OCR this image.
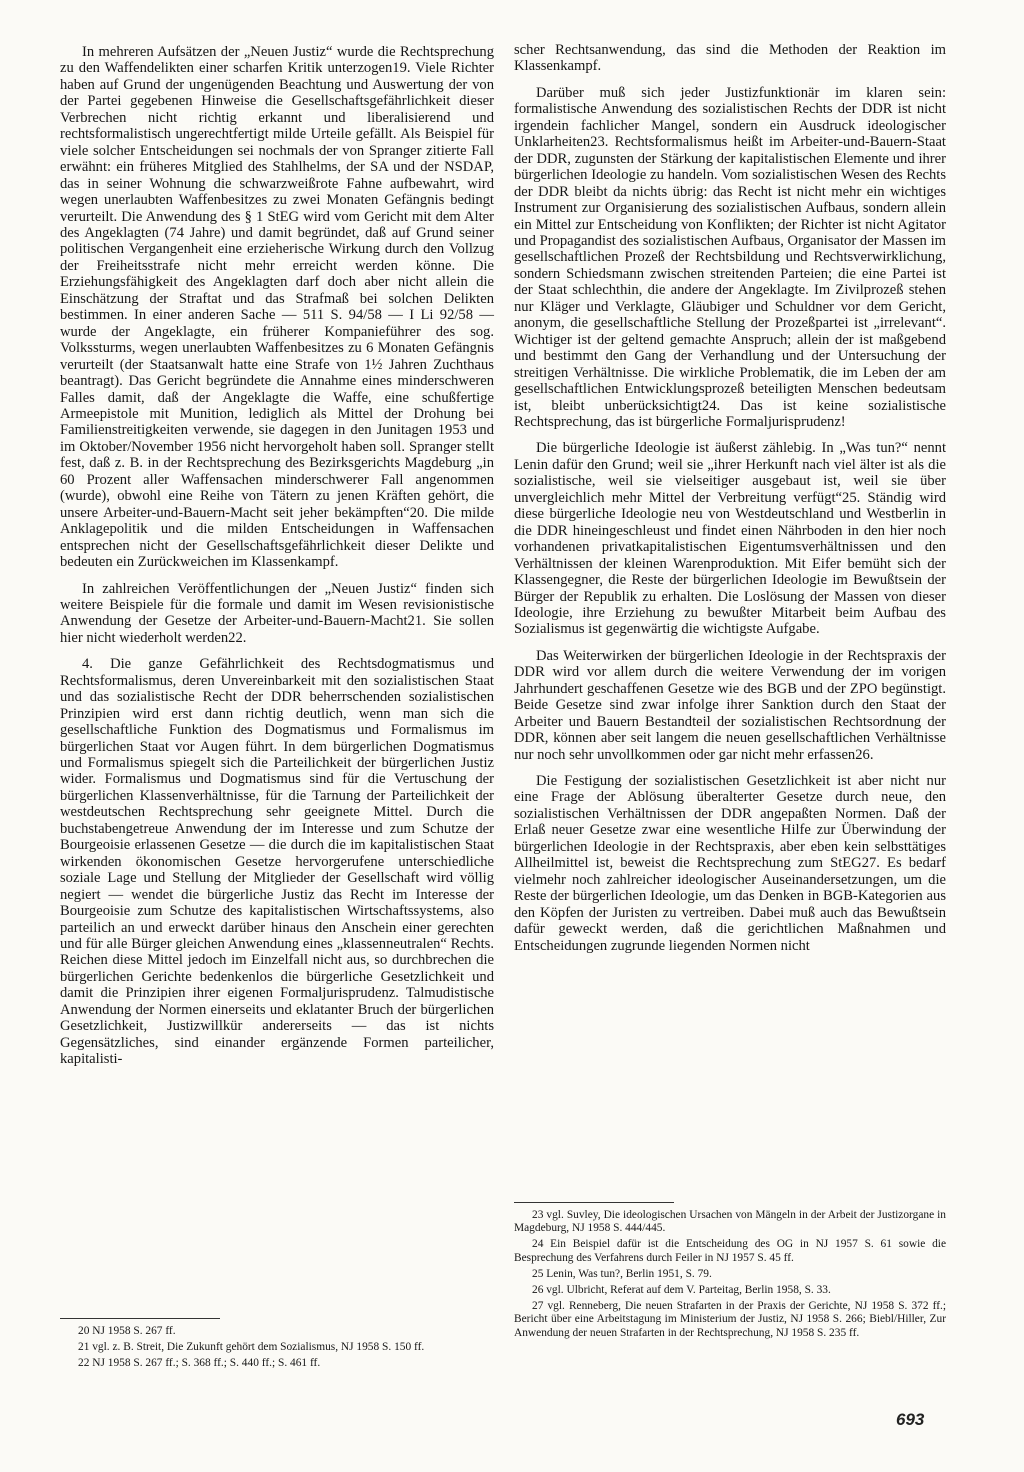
In mehreren Aufsätzen der „Neuen Justiz“ wurde die Rechtsprechung zu den Waffendelikten einer scharfen Kritik unterzogen19. Viele Richter haben auf Grund der ungenügenden Beachtung und Auswertung der von der Partei gegebenen Hinweise die Gesellschaftsgefährlichkeit dieser Verbrechen nicht richtig erkannt und liberalisierend und rechtsformalistisch ungerechtfertigt milde Urteile gefällt. Als Beispiel für viele solcher Entscheidungen sei nochmals der von Spranger zitierte Fall erwähnt: ein früheres Mitglied des Stahlhelms, der SA und der NSDAP, das in seiner Wohnung die schwarzweißrote Fahne aufbewahrt, wird wegen unerlaubten Waffenbesitzes zu zwei Monaten Gefängnis bedingt verurteilt. Die Anwendung des § 1 StEG wird vom Gericht mit dem Alter des Angeklagten (74 Jahre) und damit begründet, daß auf Grund seiner politischen Vergangenheit eine erzieherische Wirkung durch den Vollzug der Freiheitsstrafe nicht mehr erreicht werden könne. Die Erziehungsfähigkeit des Angeklagten darf doch aber nicht allein die Einschätzung der Straftat und das Strafmaß bei solchen Delikten bestimmen. In einer anderen Sache — 511 S. 94/58 — I Li 92/58 — wurde der Angeklagte, ein früherer Kompanieführer des sog. Volkssturms, wegen unerlaubten Waffenbesitzes zu 6 Monaten Gefängnis verurteilt (der Staatsanwalt hatte eine Strafe von 1½ Jahren Zuchthaus beantragt). Das Gericht begründete die Annahme eines minderschweren Falles damit, daß der Angeklagte die Waffe, eine schußfertige Armeepistole mit Munition, lediglich als Mittel der Drohung bei Familienstreitigkeiten verwende, sie dagegen in den Junitagen 1953 und im Oktober/November 1956 nicht hervorgeholt haben soll. Spranger stellt fest, daß z. B. in der Rechtsprechung des Bezirksgerichts Magdeburg „in 60 Prozent aller Waffensachen minderschwerer Fall angenommen (wurde), obwohl eine Reihe von Tätern zu jenen Kräften gehört, die unsere Arbeiter-und-Bauern-Macht seit jeher bekämpften“20. Die milde Anklagepolitik und die milden Entscheidungen in Waffensachen entsprechen nicht der Gesellschaftsgefährlichkeit dieser Delikte und bedeuten ein Zurückweichen im Klassenkampf.

In zahlreichen Veröffentlichungen der „Neuen Justiz“ finden sich weitere Beispiele für die formale und damit im Wesen revisionistische Anwendung der Gesetze der Arbeiter-und-Bauern-Macht21. Sie sollen hier nicht wiederholt werden22.

4. Die ganze Gefährlichkeit des Rechtsdogmatismus und Rechtsformalismus, deren Unvereinbarkeit mit den sozialistischen Staat und das sozialistische Recht der DDR beherrschenden sozialistischen Prinzipien wird erst dann richtig deutlich, wenn man sich die gesellschaftliche Funktion des Dogmatismus und Formalismus im bürgerlichen Staat vor Augen führt. In dem bürgerlichen Dogmatismus und Formalismus spiegelt sich die Parteilichkeit der bürgerlichen Justiz wider. Formalismus und Dogmatismus sind für die Vertuschung der bürgerlichen Klassenverhältnisse, für die Tarnung der Parteilichkeit der westdeutschen Rechtsprechung sehr geeignete Mittel. Durch die buchstabengetreue Anwendung der im Interesse und zum Schutze der Bourgeoisie erlassenen Gesetze — die durch die im kapitalistischen Staat wirkenden ökonomischen Gesetze hervorgerufene unterschiedliche soziale Lage und Stellung der Mitglieder der Gesellschaft wird völlig negiert — wendet die bürgerliche Justiz das Recht im Interesse der Bourgeoisie zum Schutze des kapitalistischen Wirtschaftssystems, also parteilich an und erweckt darüber hinaus den Anschein einer gerechten und für alle Bürger gleichen Anwendung eines „klassenneutralen“ Rechts. Reichen diese Mittel jedoch im Einzelfall nicht aus, so durchbrechen die bürgerlichen Gerichte bedenkenlos die bürgerliche Gesetzlichkeit und damit die Prinzipien ihrer eigenen Formaljurisprudenz. Talmudistische Anwendung der Normen einerseits und eklatanter Bruch der bürgerlichen Gesetzlichkeit, Justizwillkür andererseits — das ist nichts Gegensätzliches, sind einander ergänzende Formen parteilicher, kapitalisti-

scher Rechtsanwendung, das sind die Methoden der Reaktion im Klassenkampf.

Darüber muß sich jeder Justizfunktionär im klaren sein: formalistische Anwendung des sozialistischen Rechts der DDR ist nicht irgendein fachlicher Mangel, sondern ein Ausdruck ideologischer Unklarheiten23. Rechtsformalismus heißt im Arbeiter-und-Bauern-Staat der DDR, zugunsten der Stärkung der kapitalistischen Elemente und ihrer bürgerlichen Ideologie zu handeln. Vom sozialistischen Wesen des Rechts der DDR bleibt da nichts übrig: das Recht ist nicht mehr ein wichtiges Instrument zur Organisierung des sozialistischen Aufbaus, sondern allein ein Mittel zur Entscheidung von Konflikten; der Richter ist nicht Agitator und Propagandist des sozialistischen Aufbaus, Organisator der Massen im gesellschaftlichen Prozeß der Rechtsbildung und Rechtsverwirklichung, sondern Schiedsmann zwischen streitenden Parteien; die eine Partei ist der Staat schlechthin, die andere der Angeklagte. Im Zivilprozeß stehen nur Kläger und Verklagte, Gläubiger und Schuldner vor dem Gericht, anonym, die gesellschaftliche Stellung der Prozeßpartei ist „irrelevant“. Wichtiger ist der geltend gemachte Anspruch; allein der ist maßgebend und bestimmt den Gang der Verhandlung und der Untersuchung der streitigen Verhältnisse. Die wirkliche Problematik, die im Leben der am gesellschaftlichen Entwicklungsprozeß beteiligten Menschen bedeutsam ist, bleibt unberücksichtigt24. Das ist keine sozialistische Rechtsprechung, das ist bürgerliche Formaljurisprudenz!

Die bürgerliche Ideologie ist äußerst zählebig. In „Was tun?“ nennt Lenin dafür den Grund; weil sie „ihrer Herkunft nach viel älter ist als die sozialistische, weil sie vielseitiger ausgebaut ist, weil sie über unvergleichlich mehr Mittel der Verbreitung verfügt“25. Ständig wird diese bürgerliche Ideologie neu von Westdeutschland und Westberlin in die DDR hineingeschleust und findet einen Nährboden in den hier noch vorhandenen privatkapitalistischen Eigentumsverhältnissen und den Verhältnissen der kleinen Warenproduktion. Mit Eifer bemüht sich der Klassengegner, die Reste der bürgerlichen Ideologie im Bewußtsein der Bürger der Republik zu erhalten. Die Loslösung der Massen von dieser Ideologie, ihre Erziehung zu bewußter Mitarbeit beim Aufbau des Sozialismus ist gegenwärtig die wichtigste Aufgabe.

Das Weiterwirken der bürgerlichen Ideologie in der Rechtspraxis der DDR wird vor allem durch die weitere Verwendung der im vorigen Jahrhundert geschaffenen Gesetze wie des BGB und der ZPO begünstigt. Beide Gesetze sind zwar infolge ihrer Sanktion durch den Staat der Arbeiter und Bauern Bestandteil der sozialistischen Rechtsordnung der DDR, können aber seit langem die neuen gesellschaftlichen Verhältnisse nur noch sehr unvollkommen oder gar nicht mehr erfassen26.

Die Festigung der sozialistischen Gesetzlichkeit ist aber nicht nur eine Frage der Ablösung überalterter Gesetze durch neue, den sozialistischen Verhältnissen der DDR angepaßten Normen. Daß der Erlaß neuer Gesetze zwar eine wesentliche Hilfe zur Überwindung der bürgerlichen Ideologie in der Rechtspraxis, aber eben kein selbsttätiges Allheilmittel ist, beweist die Rechtsprechung zum StEG27. Es bedarf vielmehr noch zahlreicher ideologischer Auseinandersetzungen, um die Reste der bürgerlichen Ideologie, um das Denken in BGB-Kategorien aus den Köpfen der Juristen zu vertreiben. Dabei muß auch das Bewußtsein dafür geweckt werden, daß die gerichtlichen Maßnahmen und Entscheidungen zugrunde liegenden Normen nicht

20 NJ 1958 S. 267 ff.

21 vgl. z. B. Streit, Die Zukunft gehört dem Sozialismus, NJ 1958 S. 150 ff.

22 NJ 1958 S. 267 ff.; S. 368 ff.; S. 440 ff.; S. 461 ff.

23 vgl. Suvley, Die ideologischen Ursachen von Mängeln in der Arbeit der Justizorgane in Magdeburg, NJ 1958 S. 444/445.

24 Ein Beispiel dafür ist die Entscheidung des OG in NJ 1957 S. 61 sowie die Besprechung des Verfahrens durch Feiler in NJ 1957 S. 45 ff.

25 Lenin, Was tun?, Berlin 1951, S. 79.

26 vgl. Ulbricht, Referat auf dem V. Parteitag, Berlin 1958, S. 33.

27 vgl. Renneberg, Die neuen Strafarten in der Praxis der Gerichte, NJ 1958 S. 372 ff.; Bericht über eine Arbeitstagung im Ministerium der Justiz, NJ 1958 S. 266; Biebl/Hiller, Zur Anwendung der neuen Strafarten in der Rechtsprechung, NJ 1958 S. 235 ff.

693
